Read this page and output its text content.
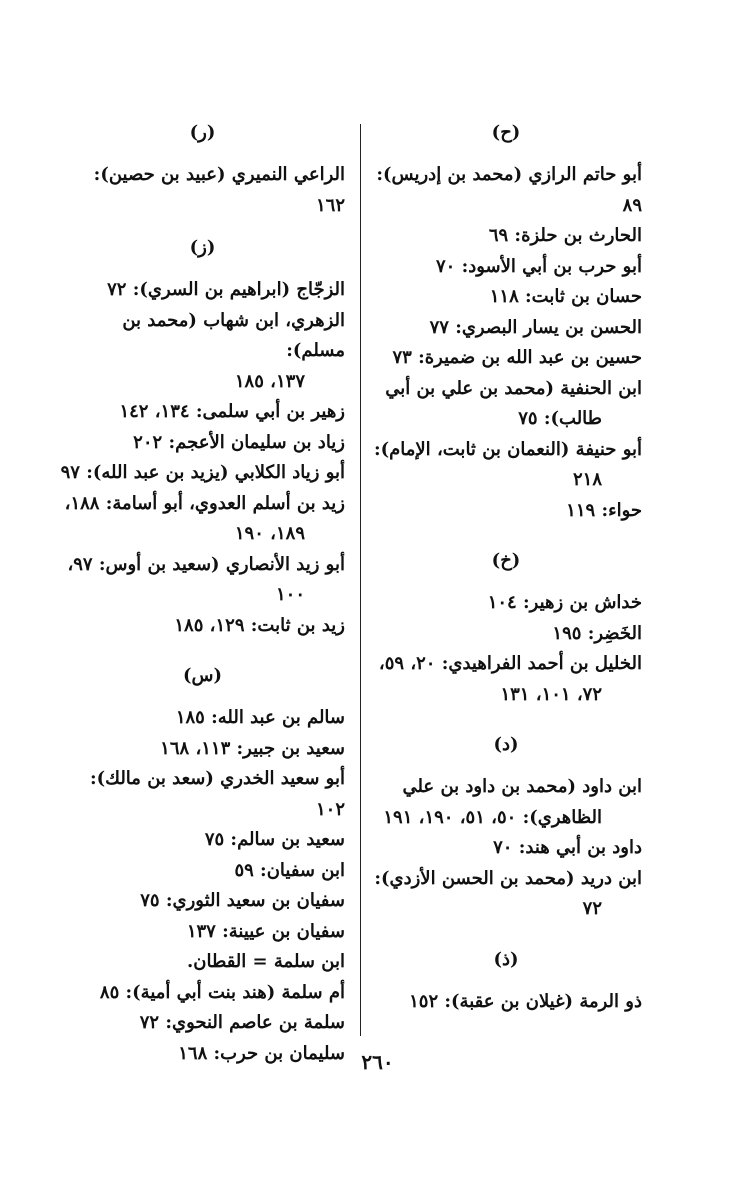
(ح)
أبو حاتم الرازي (محمد بن إدريس): ٨٩
الحارث بن حلزة: ٦٩
أبو حرب بن أبي الأسود: ٧٠
حسان بن ثابت: ١١٨
الحسن بن يسار البصري: ٧٧
حسين بن عبد الله بن ضميرة: ٧٣
ابن الحنفية (محمد بن علي بن أبي
طالب): ٧٥
أبو حنيفة (النعمان بن ثابت، الإمام):
٢١٨
حواء: ١١٩
(خ)
خداش بن زهير: ١٠٤
الخَضِر: ١٩٥
الخليل بن أحمد الفراهيدي: ٢٠، ٥٩،
٧٢، ١٠١، ١٣١
(د)
ابن داود (محمد بن داود بن علي
الظاهري): ٥٠، ٥١، ١٩٠، ١٩١
داود بن أبي هند: ٧٠
ابن دريد (محمد بن الحسن الأزدي):
٧٢
(ذ)
ذو الرمة (غيلان بن عقبة): ١٥٢
(ر)
الراعي النميري (عبيد بن حصين): ١٦٢
(ز)
الزجّاج (ابراهيم بن السري): ٧٢
الزهري، ابن شهاب (محمد بن مسلم):
١٣٧، ١٨٥
زهير بن أبي سلمى: ١٣٤، ١٤٢
زياد بن سليمان الأعجم: ٢٠٢
أبو زياد الكلابي (يزيد بن عبد الله): ٩٧
زيد بن أسلم العدوي، أبو أسامة: ١٨٨،
١٨٩، ١٩٠
أبو زيد الأنصاري (سعيد بن أوس: ٩٧،
١٠٠
زيد بن ثابت: ١٢٩، ١٨٥
(س)
سالم بن عبد الله: ١٨٥
سعيد بن جبير: ١١٣، ١٦٨
أبو سعيد الخدري (سعد بن مالك): ١٠٢
سعيد بن سالم: ٧٥
ابن سفيان: ٥٩
سفيان بن سعيد الثوري: ٧٥
سفيان بن عيينة: ١٣٧
ابن سلمة = القطان.
أم سلمة (هند بنت أبي أمية): ٨٥
سلمة بن عاصم النحوي: ٧٢
سليمان بن حرب: ١٦٨ ٢٦٠
